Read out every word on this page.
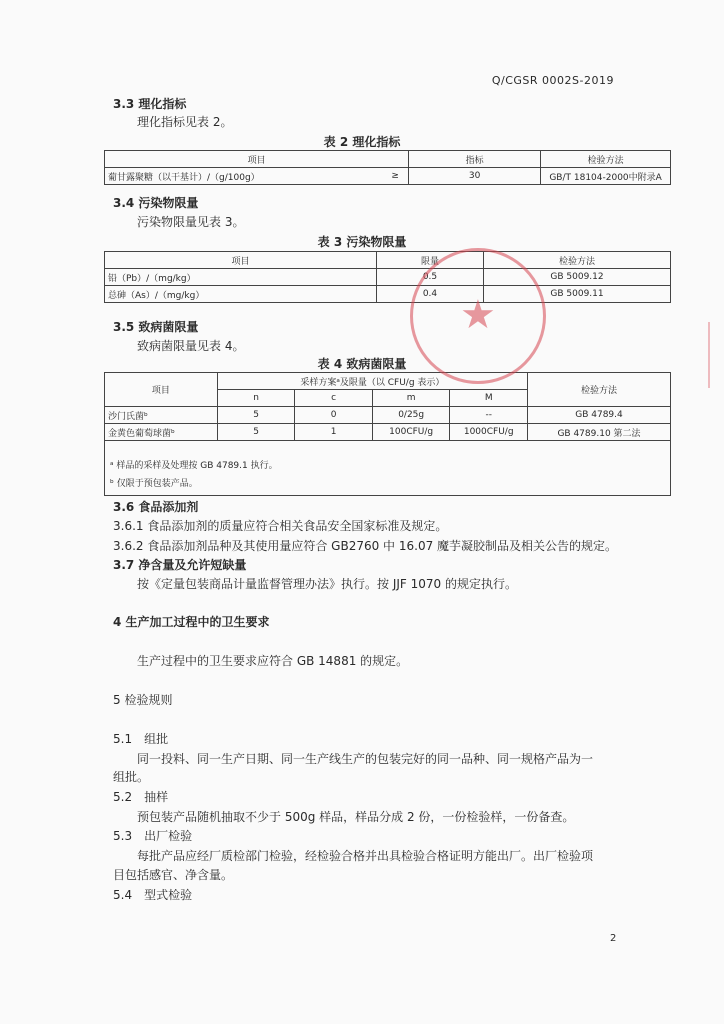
Q/CGSR 0002S-2019
3.3 理化指标
理化指标见表 2。
表 2 理化指标
项目		指标	检验方法
葡甘露聚糖（以干基计）/（g/100g）	≥	30	GB/T 18104-2000中附录A
3.4 污染物限量
污染物限量见表 3。
表 3 污染物限量
项目	限量	检验方法
铅（Pb）/（mg/kg）	0.5	GB 5009.12
总砷（As）/（mg/kg）	0.4	GB 5009.11
3.5 致病菌限量
致病菌限量见表 4。
表 4 致病菌限量
项目	采样方案ᵃ及限量（以 CFU/g 表示）				检验方法
	n	c	m	M	
沙门氏菌ᵇ	5	0	0/25g	--	GB 4789.4
金黄色葡萄球菌ᵇ	5	1	100CFU/g	1000CFU/g	GB 4789.10 第二法
ᵃ 样品的采样及处理按 GB 4789.1 执行。
ᵇ 仅限于预包装产品。
★
3.6 食品添加剂
3.6.1 食品添加剂的质量应符合相关食品安全国家标准及规定。
3.6.2 食品添加剂品种及其使用量应符合 GB2760 中 16.07 魔芋凝胶制品及相关公告的规定。
3.7 净含量及允许短缺量
按《定量包装商品计量监督管理办法》执行。按 JJF 1070 的规定执行。
4 生产加工过程中的卫生要求
生产过程中的卫生要求应符合 GB 14881 的规定。
5 检验规则
5.1　组批
同一投料、同一生产日期、同一生产线生产的包装完好的同一品种、同一规格产品为一
组批。
5.2　抽样
预包装产品随机抽取不少于 500g 样品，样品分成 2 份，一份检验样，一份备查。
5.3　出厂检验
每批产品应经厂质检部门检验，经检验合格并出具检验合格证明方能出厂。出厂检验项
目包括感官、净含量。
5.4　型式检验
2
